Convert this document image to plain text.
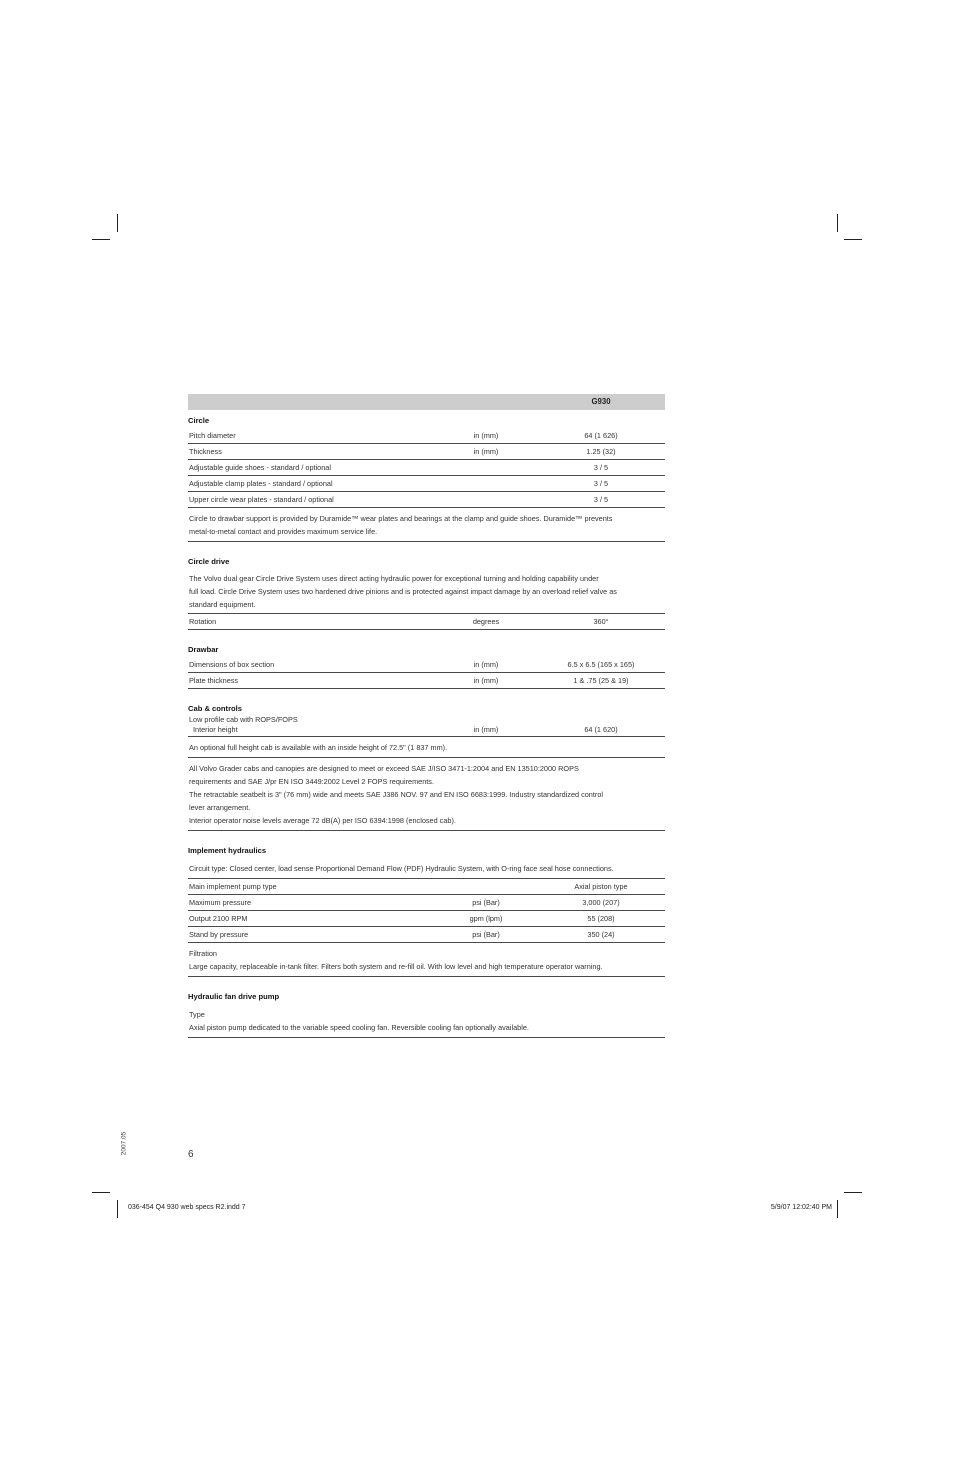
G930
Circle
Pitch diameter	in (mm)	64 (1 626)
Thickness	in (mm)	1.25 (32)
Adjustable guide shoes - standard / optional	3 / 5
Adjustable clamp plates - standard / optional	3 / 5
Upper circle wear plates - standard / optional	3 / 5

Circle to drawbar support is provided by Duramide™ wear plates and bearings at the clamp and guide shoes. Duramide™ prevents

metal-to-metal contact and provides maximum service life.

Circle drive

The Volvo dual gear Circle Drive System uses direct acting hydraulic power for exceptional turning and holding capability under

full load. Circle Drive System uses two hardened drive pinions and is protected against impact damage by an overload relief valve as

standard equipment.

Rotation	degrees	360°
Drawbar
Dimensions of box section	in (mm)	6.5 x 6.5 (165 x 165)
Plate thickness	in (mm)	1 & .75 (25 & 19)
Cab & controls
Low profile cab with ROPS/FOPS
Interior height	in (mm)	64 (1 620)

An optional full height cab is available with an inside height of 72.5" (1 837 mm).

All Volvo Grader cabs and canopies are designed to meet or exceed SAE J/ISO 3471-1:2004 and EN 13510:2000 ROPS

requirements and SAE J/pr EN ISO 3449:2002 Level 2 FOPS requirements.

The retractable seatbelt is 3" (76 mm) wide and meets SAE J386 NOV. 97 and EN ISO 6683:1999. Industry standardized control

lever arrangement.

Interior operator noise levels average 72 dB(A) per ISO 6394:1998 (enclosed cab).

Implement hydraulics

Circuit type: Closed center, load sense Proportional Demand Flow (PDF) Hydraulic System, with O-ring face seal hose connections.

Main implement pump type	Axial piston type
Maximum pressure	psi (Bar)	3,000 (207)
Output 2100 RPM	gpm (lpm)	55 (208)
Stand by pressure	psi (Bar)	350 (24)

Filtration

Large capacity, replaceable in-tank filter. Filters both system and re-fill oil. With low level and high temperature operator warning.

Hydraulic fan drive pump

Type

Axial piston pump dedicated to the variable speed cooling fan. Reversible cooling fan optionally available.

2007.05	6
036-454 Q4 930 web specs R2.indd 7	5/9/07 12:02:40 PM
